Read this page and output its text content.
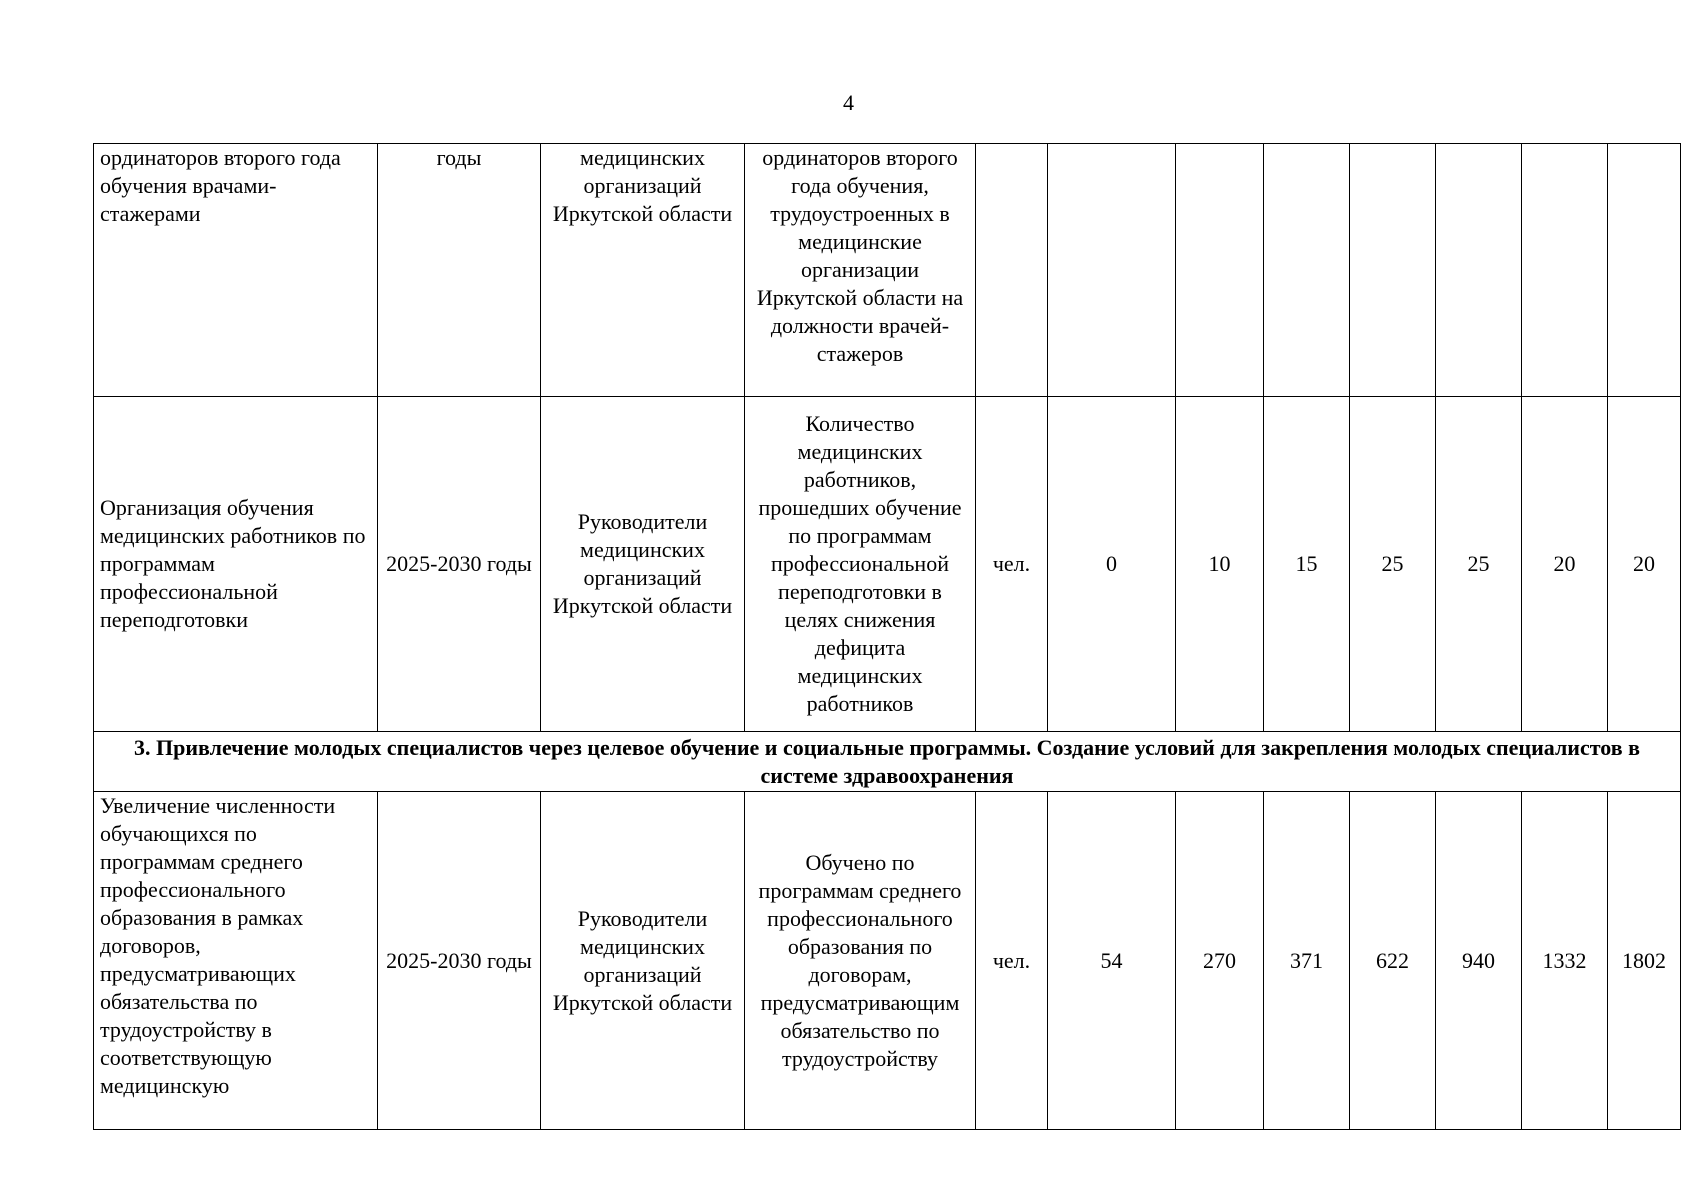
4
ординаторов второго года обучения врачами-стажерами	годы	медицинских организаций Иркутской области	ординаторов второго года обучения, трудоустроенных в медицинские организации Иркутской области на должности врачей-стажеров								
Организация обучения медицинских работников по программам профессиональной переподготовки	2025-2030 годы	Руководители медицинских организаций Иркутской области	Количество медицинских работников, прошедших обучение по программам профессиональной переподготовки в целях снижения дефицита медицинских работников	чел.	0	10	15	25	25	20	20
3. Привлечение молодых специалистов через целевое обучение и социальные программы. Создание условий для закрепления молодых специалистов в системе здравоохранения											
Увеличение численности обучающихся по программам среднего профессионального образования в рамках договоров, предусматривающих обязательства по трудоустройству в соответствующую медицинскую	2025-2030 годы	Руководители медицинских организаций Иркутской области	Обучено по программам среднего профессионального образования по договорам, предусматривающим обязательство по трудоустройству	чел.	54	270	371	622	940	1332	1802
